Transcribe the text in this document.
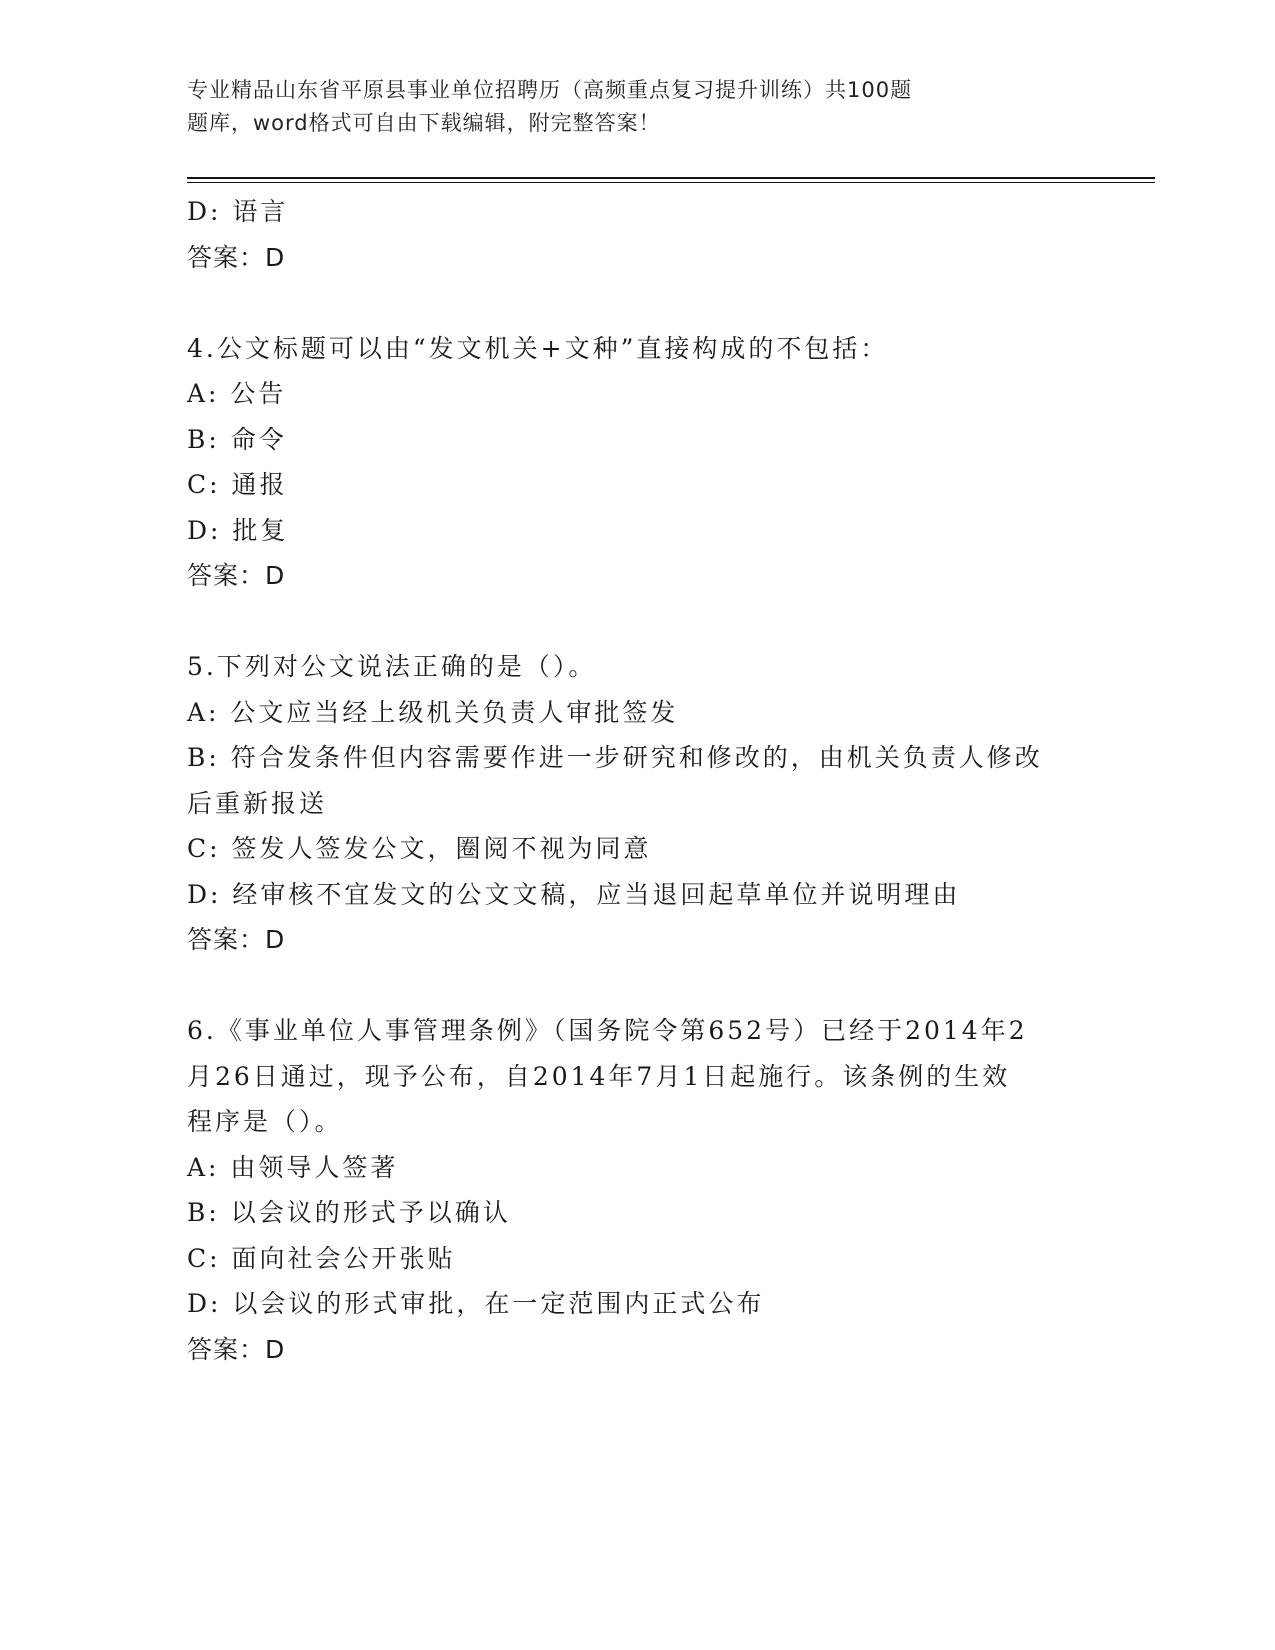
专业精品山东省平原县事业单位招聘历（高频重点复习提升训练）共100题
题库，word格式可自由下载编辑，附完整答案！

D: 语言

答案：D

4.公文标题可以由“发文机关+文种”直接构成的不包括：

A: 公告

B: 命令

C: 通报

D: 批复

答案：D

5.下列对公文说法正确的是（）。

A: 公文应当经上级机关负责人审批签发

B: 符合发条件但内容需要作进一步研究和修改的，由机关负责人修改

后重新报送

C: 签发人签发公文，圈阅不视为同意

D: 经审核不宜发文的公文文稿，应当退回起草单位并说明理由

答案：D

6.《事业单位人事管理条例》（国务院令第652号）已经于2014年2

月26日通过，现予公布，自2014年7月1日起施行。该条例的生效

程序是（）。

A: 由领导人签著

B: 以会议的形式予以确认

C: 面向社会公开张贴

D: 以会议的形式审批，在一定范围内正式公布

答案：D
